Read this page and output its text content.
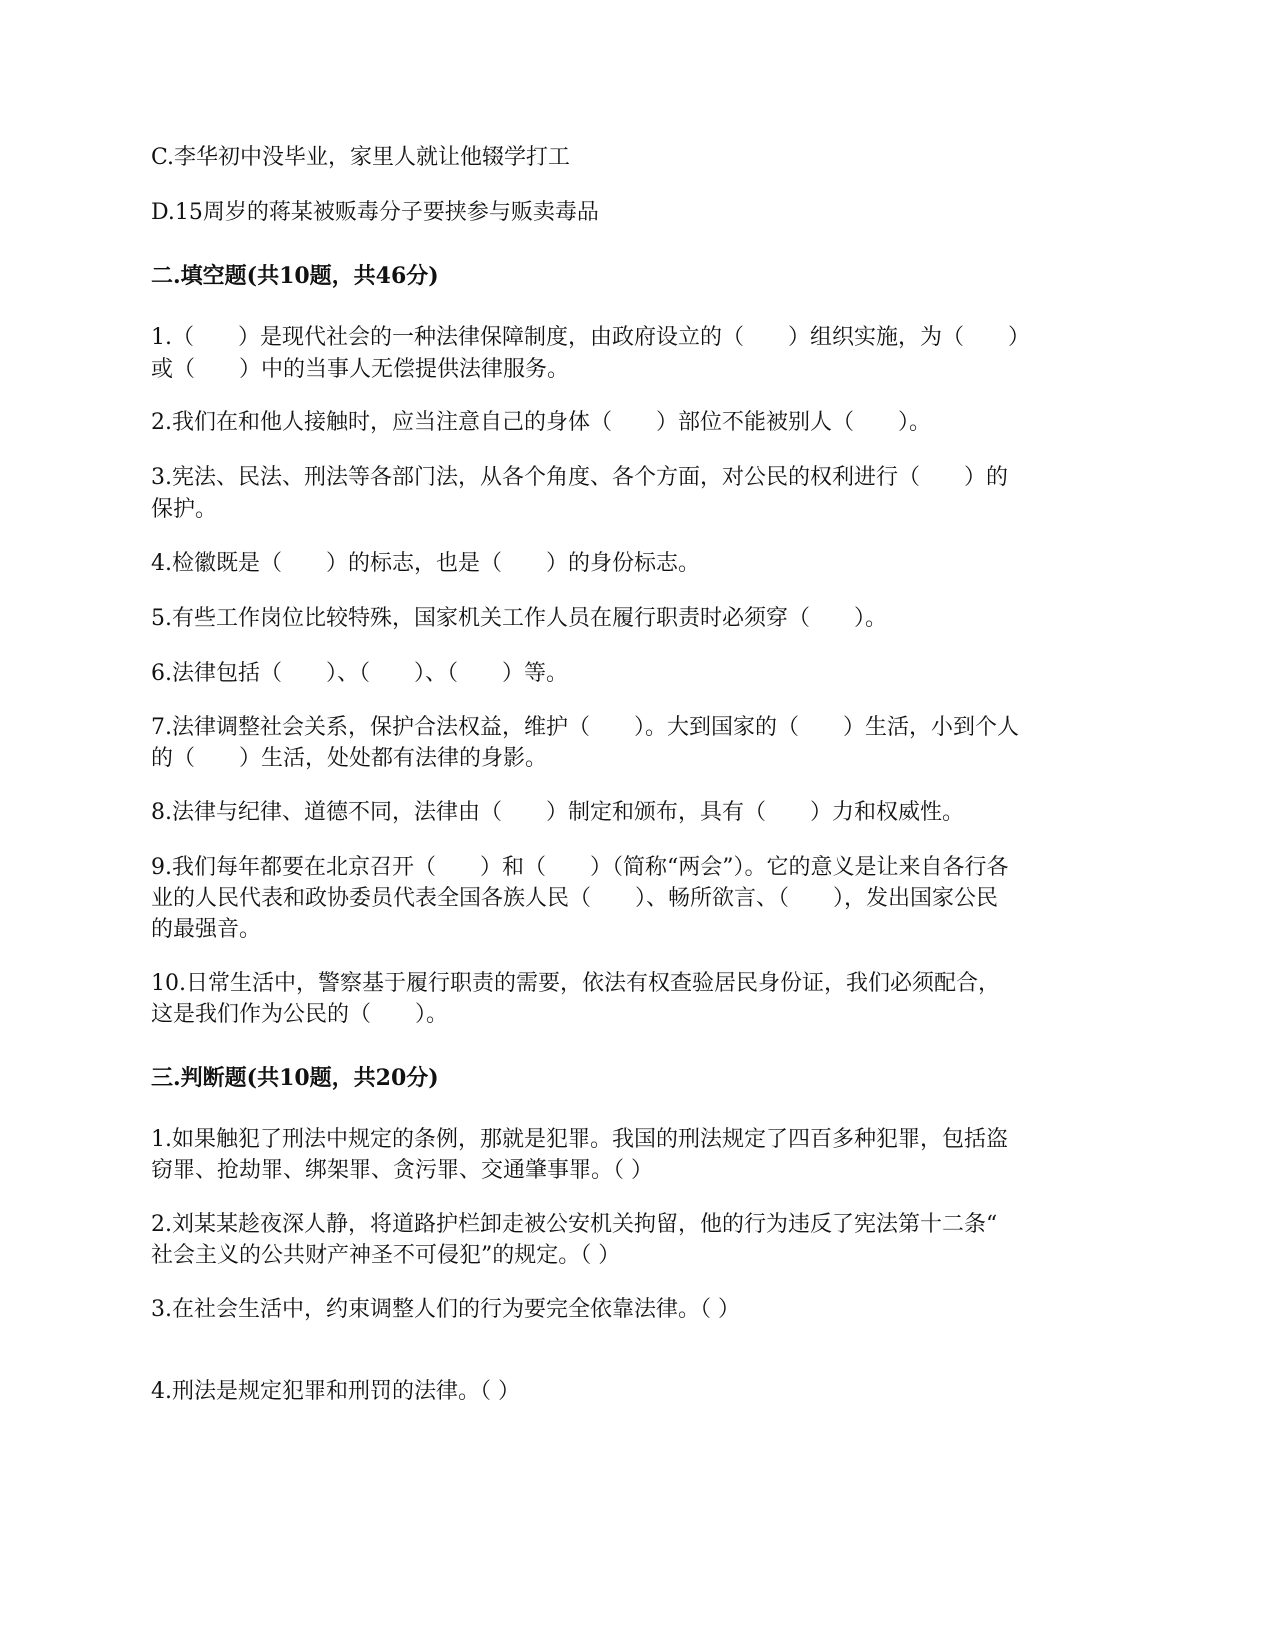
C.李华初中没毕业，家里人就让他辍学打工
D.15周岁的蒋某被贩毒分子要挟参与贩卖毒品
二.填空题(共10题，共46分)
1.（　　）是现代社会的一种法律保障制度，由政府设立的（　　）组织实施，为（　　）
或（　　）中的当事人无偿提供法律服务。
2.我们在和他人接触时，应当注意自己的身体（　　）部位不能被别人（　　）。
3.宪法、民法、刑法等各部门法，从各个角度、各个方面，对公民的权利进行（　　）的
保护。
4.检徽既是（　　）的标志，也是（　　）的身份标志。
5.有些工作岗位比较特殊，国家机关工作人员在履行职责时必须穿（　　）。
6.法律包括（　　）、（　　）、（　　）等。
7.法律调整社会关系，保护合法权益，维护（　　）。大到国家的（　　）生活，小到个人
的（　　）生活，处处都有法律的身影。
8.法律与纪律、道德不同，法律由（　　）制定和颁布，具有（　　）力和权威性。
9.我们每年都要在北京召开（　　）和（　　）（简称“两会”）。它的意义是让来自各行各
业的人民代表和政协委员代表全国各族人民（　　）、畅所欲言、（　　），发出国家公民
的最强音。
10.日常生活中，警察基于履行职责的需要，依法有权查验居民身份证，我们必须配合，
这是我们作为公民的（　　）。
三.判断题(共10题，共20分)
1.如果触犯了刑法中规定的条例，那就是犯罪。我国的刑法规定了四百多种犯罪，包括盗
窃罪、抢劫罪、绑架罪、贪污罪、交通肇事罪。（ ）
2.刘某某趁夜深人静，将道路护栏卸走被公安机关拘留，他的行为违反了宪法第十二条“
社会主义的公共财产神圣不可侵犯”的规定。（ ）
3.在社会生活中，约束调整人们的行为要完全依靠法律。（ ）
4.刑法是规定犯罪和刑罚的法律。（ ）
